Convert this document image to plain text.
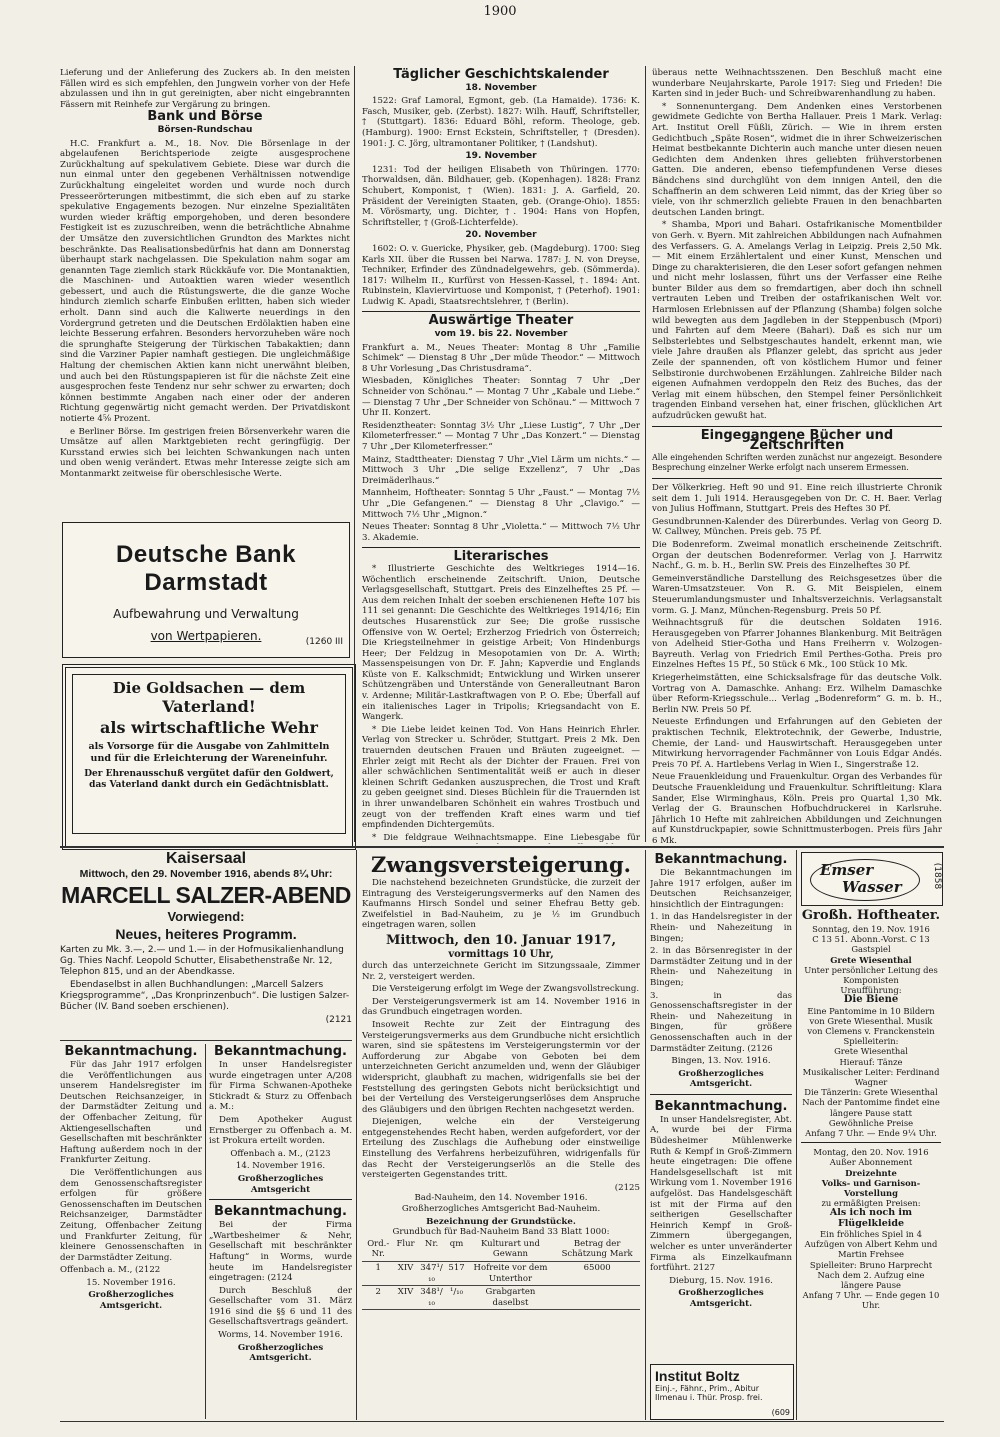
1900

Lieferung und der Anlieferung des Zuckers ab. In den meisten Fällen wird es sich empfehlen, den Jungwein vorher von der Hefe abzulassen und ihn in gut gereinigten, aber nicht eingebrannten Fässern mit Reinhefe zur Vergärung zu bringen.

Bank und Börse
Börsen-Rundschau

H.C. Frankfurt a. M., 18. Nov. Die Börsenlage in der abgelaufenen Berichtsperiode zeigte ausgesprochene Zurückhaltung auf spekulativem Gebiete. Diese war durch die nun einmal unter den gegebenen Verhältnissen notwendige Zurückhaltung eingeleitet worden und wurde noch durch Presseerörterungen mitbestimmt, die sich eben auf zu starke spekulative Engagements bezogen. Nur einzelne Spezialitäten wurden wieder kräftig emporgehoben, und deren besondere Festigkeit ist es zuzuschreiben, wenn die beträchtliche Abnahme der Umsätze den zuversichtlichen Grundton des Marktes nicht beschränkte. Das Realisationsbedürfnis hat dann am Donnerstag überhaupt stark nachgelassen. Die Spekulation nahm sogar am genannten Tage ziemlich stark Rückkäufe vor. Die Montanaktien, die Maschinen- und Autoaktien waren wieder wesentlich gebessert, und auch die Rüstungswerte, die die ganze Woche hindurch ziemlich scharfe Einbußen erlitten, haben sich wieder erholt. Dann sind auch die Kaliwerte neuerdings in den Vordergrund getreten und die Deutschen Erdölaktien haben eine leichte Besserung erfahren. Besonders hervorzuheben wäre noch die sprunghafte Steigerung der Türkischen Tabakaktien; dann sind die Varziner Papier namhaft gestiegen. Die ungleichmäßige Haltung der chemischen Aktien kann nicht unerwähnt bleiben, und auch bei den Rüstungspapieren ist für die nächste Zeit eine ausgesprochen feste Tendenz nur sehr schwer zu erwarten; doch können bestimmte Angaben nach einer oder der anderen Richtung gegenwärtig nicht gemacht werden. Der Privatdiskont notierte 4⅝ Prozent.

e Berliner Börse. Im gestrigen freien Börsenverkehr waren die Umsätze auf allen Marktgebieten recht geringfügig. Der Kursstand erwies sich bei leichten Schwankungen nach unten und oben wenig verändert. Etwas mehr Interesse zeigte sich am Montanmarkt zeitweise für oberschlesische Werte.

Deutsche Bank Darmstadt
Aufbewahrung und Verwaltung
von Wertpapieren.	(1260 III
Die Goldsachen — dem
Vaterland!
als wirtschaftliche Wehr
als Vorsorge für die Ausgabe von Zahlmitteln und für die Erleichterung der Wareneinfuhr.
Der Ehrenausschuß vergütet dafür den Goldwert, das Vaterland dankt durch ein Gedächtnisblatt.
Täglicher Geschichtskalender
18. November

1522: Graf Lamoral, Egmont, geb. (La Hamaide). 1736: K. Fasch, Musiker, geb. (Zerbst). 1827: Wilh. Hauff, Schriftsteller, † (Stuttgart). 1836: Eduard Böhl, reform. Theologe, geb. (Hamburg). 1900: Ernst Eckstein, Schriftsteller, † (Dresden). 1901: J. C. Jörg, ultramontaner Politiker, † (Landshut).

19. November

1231: Tod der heiligen Elisabeth von Thüringen. 1770: Thorwaldsen, dän. Bildhauer, geb. (Kopenhagen). 1828: Franz Schubert, Komponist, † (Wien). 1831: J. A. Garfield, 20. Präsident der Vereinigten Staaten, geb. (Orange-Ohio). 1855: M. Vörösmarty, ung. Dichter, †. 1904: Hans von Hopfen, Schriftsteller, † (Groß-Lichterfelde).

20. November

1602: O. v. Guericke, Physiker, geb. (Magdeburg). 1700: Sieg Karls XII. über die Russen bei Narwa. 1787: J. N. von Dreyse, Techniker, Erfinder des Zündnadelgewehrs, geb. (Sömmerda). 1817: Wilhelm II., Kurfürst von Hessen-Kassel, †. 1894: Ant. Rubinstein, Klaviervirtuose und Komponist, † (Peterhof). 1901: Ludwig K. Apadi, Staatsrechtslehrer, † (Berlin).

Auswärtige Theater
vom 19. bis 22. November

Frankfurt a. M., Neues Theater: Montag 8 Uhr „Familie Schimek“ — Dienstag 8 Uhr „Der müde Theodor.“ — Mittwoch 8 Uhr Vorlesung „Das Christusdrama“.

Wiesbaden, Königliches Theater: Sonntag 7 Uhr „Der Schneider von Schönau.“ — Montag 7 Uhr „Kabale und Liebe.“ — Dienstag 7 Uhr „Der Schneider von Schönau.“ — Mittwoch 7 Uhr II. Konzert.

Residenztheater: Sonntag 3½ Uhr „Liese Lustig“, 7 Uhr „Der Kilometerfresser.“ — Montag 7 Uhr „Das Konzert.“ — Dienstag 7 Uhr „Der Kilometerfresser.“

Mainz, Stadttheater: Dienstag 7 Uhr „Viel Lärm um nichts.“ — Mittwoch 3 Uhr „Die selige Exzellenz“, 7 Uhr „Das Dreimäderlhaus.“

Mannheim, Hoftheater: Sonntag 5 Uhr „Faust.“ — Montag 7½ Uhr „Die Gefangenen.“ — Dienstag 8 Uhr „Clavigo.“ — Mittwoch 7½ Uhr „Mignon.“

Neues Theater: Sonntag 8 Uhr „Violetta.“ — Mittwoch 7½ Uhr 3. Akademie.

Literarisches

* Illustrierte Geschichte des Weltkrieges 1914—16. Wöchentlich erscheinende Zeitschrift. Union, Deutsche Verlagsgesellschaft, Stuttgart. Preis des Einzelheftes 25 Pf. — Aus dem reichen Inhalt der soeben erschienenen Hefte 107 bis 111 sei genannt: Die Geschichte des Weltkrieges 1914/16; Ein deutsches Husarenstück zur See; Die große russische Offensive von W. Oertel; Erzherzog Friedrich von Österreich; Die Kriegsteilnehmer in geistige Arbeit; Von Hindenburgs Heer; Der Feldzug in Mesopotamien von Dr. A. Wirth; Massenspeisungen von Dr. F. Jahn; Kapverdie und Englands Küste von E. Kalkschmidt; Entwicklung und Wirken unserer Schützengräben und Unterstände von Generalleutnant Baron v. Ardenne; Militär-Lastkraftwagen von P. O. Ebe; Überfall auf ein italienisches Lager in Tripolis; Kriegsandacht von E. Wangerk.

* Die Liebe leidet keinen Tod. Von Hans Heinrich Ehrler. Verlag von Strecker u. Schröder, Stuttgart. Preis 2 Mk. Den trauernden deutschen Frauen und Bräuten zugeeignet. — Ehrler zeigt mit Recht als der Dichter der Frauen. Frei von aller schwächlichen Sentimentalität weiß er auch in dieser kleinen Schrift Gedanken auszusprechen, die Trost und Kraft zu geben geeignet sind. Dieses Büchlein für die Trauernden ist in ihrer unwandelbaren Schönheit ein wahres Trostbuch und zeugt von der treffenden Kraft eines warm und tief empfindenden Dichtergemüts.

* Die feldgraue Weihnachtsmappe. Eine Liebesgabe für

überaus nette Weihnachtsszenen. Den Beschluß macht eine wunderbare Neujahrskarte, Parole 1917: Sieg und Frieden! Die Karten sind in jeder Buch- und Schreibwarenhandlung zu haben.

* Sonnenuntergang. Dem Andenken eines Verstorbenen gewidmete Gedichte von Bertha Hallauer. Preis 1 Mark. Verlag: Art. Institut Orell Füßli, Zürich. — Wie in ihrem ersten Gedichtbuch „Späte Rosen“, widmet die in ihrer Schweizerischen Heimat bestbekannte Dichterin auch manche unter diesen neuen Gedichten dem Andenken ihres geliebten frühverstorbenen Gatten. Die anderen, ebenso tiefempfundenen Verse dieses Bändchens sind durchglüht von dem innigen Anteil, den die Schaffnerin an dem schweren Leid nimmt, das der Krieg über so viele, von ihr schmerzlich geliebte Frauen in den benachbarten deutschen Landen bringt.

* Shamba, Mpori und Bahari. Ostafrikanische Momentbilder von Gerh. v. Byern. Mit zahlreichen Abbildungen nach Aufnahmen des Verfassers. G. A. Amelangs Verlag in Leipzig. Preis 2,50 Mk. — Mit einem Erzählertalent und einer Kunst, Menschen und Dinge zu charakterisieren, die den Leser sofort gefangen nehmen und nicht mehr loslassen, führt uns der Verfasser eine Reihe bunter Bilder aus dem so fremdartigen, aber doch ihn schnell vertrauten Leben und Treiben der ostafrikanischen Welt vor. Harmlosen Erlebnissen auf der Pflanzung (Shamba) folgen solche wild bewegten aus dem Jagdleben in der Steppenbusch (Mpori) und Fahrten auf dem Meere (Bahari). Daß es sich nur um Selbsterlebtes und Selbstgeschautes handelt, erkennt man, wie viele Jahre draußen als Pflanzer gelebt, das spricht aus jeder Zeile der spannenden, oft von köstlichem Humor und feiner Selbstironie durchwobenen Erzählungen. Zahlreiche Bilder nach eigenen Aufnahmen verdoppeln den Reiz des Buches, das der Verlag mit einem hübschen, den Stempel feiner Persönlichkeit tragenden Einband versehen hat, einer frischen, glücklichen Art aufzudrücken gewußt hat.

Eingegangene Bücher und Zeitschriften

Alle eingehenden Schriften werden zunächst nur angezeigt. Besondere Besprechung einzelner Werke erfolgt nach unserem Ermessen.

Der Völkerkrieg. Heft 90 und 91. Eine reich illustrierte Chronik seit dem 1. Juli 1914. Herausgegeben von Dr. C. H. Baer. Verlag von Julius Hoffmann, Stuttgart. Preis des Heftes 30 Pf.

Gesundbrunnen-Kalender des Dürerbundes. Verlag von Georg D. W. Callwey, München. Preis geb. 75 Pf.

Die Bodenreform. Zweimal monatlich erscheinende Zeitschrift. Organ der deutschen Bodenreformer. Verlag von J. Harrwitz Nachf., G. m. b. H., Berlin SW. Preis des Einzelheftes 30 Pf.

Gemeinverständliche Darstellung des Reichsgesetzes über die Waren-Umsatzsteuer. Von R. G. Mit Beispielen, einem Steuerumlandungsmuster und Inhaltsverzeichnis. Verlagsanstalt vorm. G. J. Manz, München-Regensburg. Preis 50 Pf.

Weihnachtsgruß für die deutschen Soldaten 1916. Herausgegeben von Pfarrer Johannes Blankenburg. Mit Beiträgen von Adelheid Stier-Gotha und Hans Freiherrn v. Wolzogen-Bayreuth. Verlag von Friedrich Emil Perthes-Gotha. Preis pro Einzelnes Heftes 15 Pf., 50 Stück 6 Mk., 100 Stück 10 Mk.

Kriegerheimstätten, eine Schicksalsfrage für das deutsche Volk. Vortrag von A. Damaschke. Anhang: Erz. Wilhelm Damaschke über Reform-Kriegsschule... Verlag „Bodenreform“ G. m. b. H., Berlin NW. Preis 50 Pf.

Neueste Erfindungen und Erfahrungen auf den Gebieten der praktischen Technik, Elektrotechnik, der Gewerbe, Industrie, Chemie, der Land- und Hauswirtschaft. Herausgegeben unter Mitwirkung hervorragender Fachmänner von Louis Edgar Andés. Preis 70 Pf. A. Hartlebens Verlag in Wien I., Singerstraße 12.

Neue Frauenkleidung und Frauenkultur. Organ des Verbandes für Deutsche Frauenkleidung und Frauenkultur. Schriftleitung: Klara Sander, Else Wirminghaus, Köln. Preis pro Quartal 1,30 Mk. Verlag der G. Braunschen Hofbuchdruckerei in Karlsruhe. Jährlich 10 Hefte mit zahlreichen Abbildungen und Zeichnungen auf Kunstdruckpapier, sowie Schnittmusterbogen. Preis fürs Jahr 6 Mk.

Kaisersaal
Mittwoch, den 29. November 1916, abends 8¼ Uhr:
MARCELL SALZER-ABEND
Vorwiegend:
Neues, heiteres Programm.

Karten zu Mk. 3.—, 2.— und 1.— in der Hofmusikalienhandlung Gg. Thies Nachf. Leopold Schutter, Elisabethenstraße Nr. 12, Telephon 815, und an der Abendkasse.

Ebendaselbst in allen Buchhandlungen: „Marcell Salzers Kriegsprogramme“, „Das Kronprinzenbuch“. Die lustigen Salzer-Bücher (IV. Band soeben erschienen).

(2121
Bekanntmachung.

Für das Jahr 1917 erfolgen die Veröffentlichungen aus unserem Handelsregister im Deutschen Reichsanzeiger, in der Darmstädter Zeitung und der Offenbacher Zeitung, für Aktiengesellschaften und Gesellschaften mit beschränkter Haftung außerdem noch in der Frankfurter Zeitung.

Die Veröffentlichungen aus dem Genossenschaftsregister erfolgen für größere Genossenschaften im Deutschen Reichsanzeiger, Darmstädter Zeitung, Offenbacher Zeitung und Frankfurter Zeitung, für kleinere Genossenschaften in der Darmstädter Zeitung.

Offenbach a. M., (2122

15. November 1916.

Großherzogliches Amtsgericht.

Bekanntmachung.

In unser Handelsregister wurde eingetragen unter A/208 für Firma Schwanen-Apotheke Stickradt & Sturz zu Offenbach a. M.:

Dem Apotheker August Ernstberger zu Offenbach a. M. ist Prokura erteilt worden.

Offenbach a. M., (2123

14. November 1916.

Großherzogliches Amtsgericht

Bekanntmachung.

Bei der Firma „Wartbesheimer & Nehr, Gesellschaft mit beschränkter Haftung“ in Worms, wurde heute im Handelsregister eingetragen: (2124

Durch Beschluß der Gesellschafter vom 31. März 1916 sind die §§ 6 und 11 des Gesellschaftsvertrags geändert.

Worms, 14. November 1916.

Großherzogliches Amtsgericht.

Zwangsversteigerung.

Die nachstehend bezeichneten Grundstücke, die zurzeit der Eintragung des Versteigerungsvermerks auf den Namen des Kaufmanns Hirsch Sondel und seiner Ehefrau Betty geb. Zweifelstiel in Bad-Nauheim, zu je ½ im Grundbuch eingetragen waren, sollen

Mittwoch, den 10. Januar 1917,
vormittags 10 Uhr,

durch das unterzeichnete Gericht im Sitzungssaale, Zimmer Nr. 2, versteigert werden.

Die Versteigerung erfolgt im Wege der Zwangsvollstreckung.

Der Versteigerungsvermerk ist am 14. November 1916 in das Grundbuch eingetragen worden.

Insoweit Rechte zur Zeit der Eintragung des Versteigerungsvermerks aus dem Grundbuche nicht ersichtlich waren, sind sie spätestens im Versteigerungstermin vor der Aufforderung zur Abgabe von Geboten bei dem unterzeichneten Gericht anzumelden und, wenn der Gläubiger widerspricht, glaubhaft zu machen, widrigenfalls sie bei der Feststellung des geringsten Gebots nicht berücksichtigt und bei der Verteilung des Versteigerungserlöses dem Anspruche des Gläubigers und den übrigen Rechten nachgesetzt werden.

Diejenigen, welche ein der Versteigerung entgegenstehendes Recht haben, werden aufgefordert, vor der Erteilung des Zuschlags die Aufhebung oder einstweilige Einstellung des Verfahrens herbeizuführen, widrigenfalls für das Recht der Versteigerungserlös an die Stelle des versteigerten Gegenstandes tritt.

(2125
Bad-Nauheim, den 14. November 1916.
Großherzogliches Amtsgericht Bad-Nauheim.
Bezeichnung der Grundstücke.
Grundbuch für Bad-Nauheim Band 33 Blatt 1000:
Ord.-Nr.	Flur	Nr.	qm	Kulturart und Gewann	Betrag der Schätzung Mark
1	XIV	347¹/₁₀	517	Hofreite vor dem Unterthor	65000
2	XIV	348¹/₁₀	¹/₁₀	Grabgarten daselbst	
Bekanntmachung.

Die Bekanntmachungen im Jahre 1917 erfolgen, außer im Deutschen Reichsanzeiger, hinsichtlich der Eintragungen:

1. in das Handelsregister in der Rhein- und Nahezeitung in Bingen;

2. in das Börsenregister in der Darmstädter Zeitung und in der Rhein- und Nahezeitung in Bingen;

3. in das Genossenschaftsregister in der Rhein- und Nahezeitung in Bingen, für größere Genossenschaften auch in der Darmstädter Zeitung. (2126

Bingen, 13. Nov. 1916.

Großherzogliches Amtsgericht.

Bekanntmachung.

In unser Handelsregister, Abt. A, wurde bei der Firma Büdesheimer Mühlenwerke Ruth & Kempf in Groß-Zimmern heute eingetragen: Die offene Handelsgesellschaft ist mit Wirkung vom 1. November 1916 aufgelöst. Das Handelsgeschäft ist mit der Firma auf den seitherigen Gesellschafter Heinrich Kempf in Groß-Zimmern übergegangen, welcher es unter unveränderter Firma als Einzelkaufmann fortführt. 2127

Dieburg, 15. Nov. 1916.

Großherzogliches Amtsgericht.

Institut Boltz
Einj.-, Fähnr., Prim., Abitur
Ilmenau i. Thür. Prosp. frei.
(609
Emser
Wasser	(1858
Großh. Hoftheater.
Sonntag, den 19. Nov. 1916
C 13 51. Abonn.-Vorst. C 13
Gastspiel
Grete Wiesenthal
Unter persönlicher Leitung des Komponisten
Uraufführung:
Die Biene
Eine Pantomime in 10 Bildern von Grete Wiesenthal. Musik von Clemens v. Franckenstein
Spielleiterin:
Grete Wiesenthal
Hierauf: Tänze
Musikalischer Leiter: Ferdinand Wagner
Die Tänzerin: Grete Wiesenthal
Nach der Pantomime findet eine längere Pause statt
Gewöhnliche Preise
Anfang 7 Uhr. — Ende 9¼ Uhr.
Montag, den 20. Nov. 1916
Außer Abonnement
Dreizehnte
Volks- und Garnison-Vorstellung
zu ermäßigten Preisen:
Als ich noch im Flügelkleide
Ein fröhliches Spiel in 4 Aufzügen von Albert Kehm und Martin Frehsee
Spielleiter: Bruno Harprecht
Nach dem 2. Aufzug eine längere Pause
Anfang 7 Uhr. — Ende gegen 10 Uhr.
